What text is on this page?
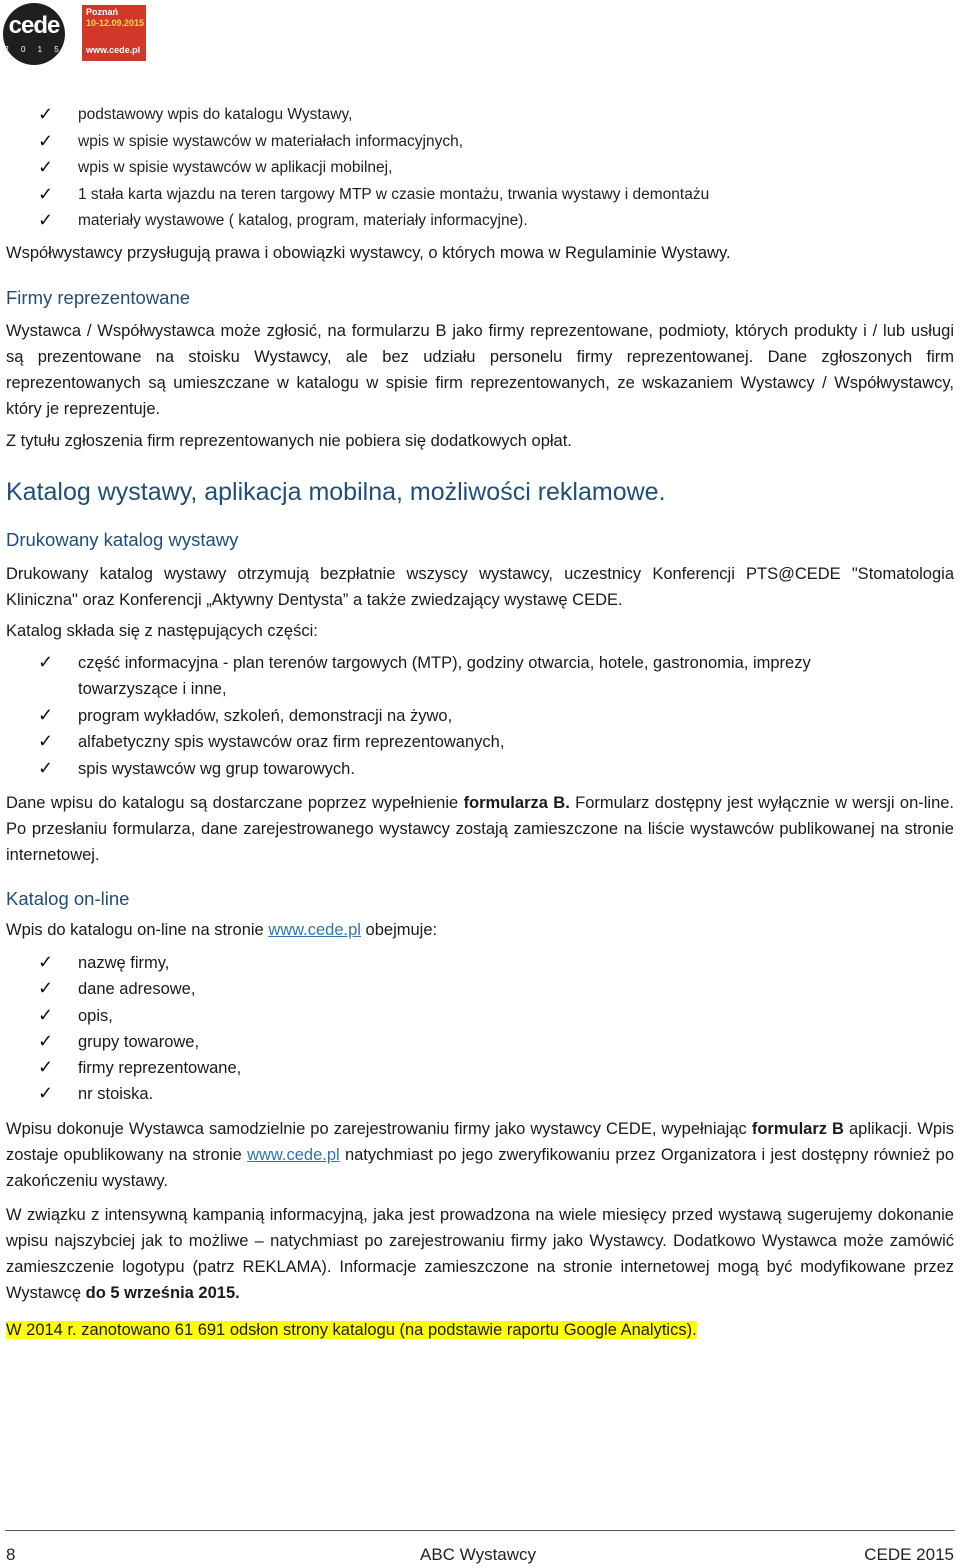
cede
2 0 1 5
Poznań
10-12.09.2015
www.cede.pl
✓ podstawowy wpis do katalogu Wystawy,
✓ wpis w spisie wystawców w materiałach informacyjnych,
✓ wpis w spisie wystawców w aplikacji mobilnej,
✓ 1 stała karta wjazdu na teren targowy MTP w czasie montażu, trwania wystawy i demontażu
✓ materiały wystawowe ( katalog, program, materiały informacyjne).
Współwystawcy przysługują prawa i obowiązki wystawcy, o których mowa w Regulaminie Wystawy.
Firmy reprezentowane
Wystawca / Współwystawca może zgłosić, na formularzu B jako firmy reprezentowane, podmioty, których produkty i / lub usługi są prezentowane na stoisku Wystawcy, ale bez udziału personelu firmy reprezentowanej. Dane zgłoszonych firm reprezentowanych są umieszczane w katalogu w spisie firm reprezentowanych, ze wskazaniem Wystawcy / Współwystawcy, który je reprezentuje.
Z tytułu zgłoszenia firm reprezentowanych nie pobiera się dodatkowych opłat.
Katalog wystawy, aplikacja mobilna, możliwości reklamowe.
Drukowany katalog wystawy
Drukowany katalog wystawy otrzymują bezpłatnie wszyscy wystawcy, uczestnicy Konferencji PTS@CEDE "Stomatologia Kliniczna" oraz Konferencji „Aktywny Dentysta” a także zwiedzający wystawę CEDE.
Katalog składa się z następujących części:
✓ część informacyjna - plan terenów targowych (MTP), godziny otwarcia, hotele, gastronomia, imprezy
towarzyszące i inne,
✓ program wykładów, szkoleń, demonstracji na żywo,
✓ alfabetyczny spis wystawców oraz firm reprezentowanych,
✓ spis wystawców wg grup towarowych.
Dane wpisu do katalogu są dostarczane poprzez wypełnienie formularza B. Formularz dostępny jest wyłącznie w wersji on-line. Po przesłaniu formularza, dane zarejestrowanego wystawcy zostają zamieszczone na liście wystawców publikowanej na stronie internetowej.
Katalog on-line
Wpis do katalogu on-line na stronie www.cede.pl obejmuje:
✓ nazwę firmy,
✓ dane adresowe,
✓ opis,
✓ grupy towarowe,
✓ firmy reprezentowane,
✓ nr stoiska.
Wpisu dokonuje Wystawca samodzielnie po zarejestrowaniu firmy jako wystawcy CEDE, wypełniając formularz B aplikacji. Wpis zostaje opublikowany na stronie www.cede.pl natychmiast po jego zweryfikowaniu przez Organizatora i jest dostępny również po zakończeniu wystawy.
W związku z intensywną kampanią informacyjną, jaka jest prowadzona na wiele miesięcy przed wystawą sugerujemy dokonanie wpisu najszybciej jak to możliwe – natychmiast po zarejestrowaniu firmy jako Wystawcy. Dodatkowo Wystawca może zamówić zamieszczenie logotypu (patrz REKLAMA). Informacje zamieszczone na stronie internetowej mogą być modyfikowane przez Wystawcę do 5 września 2015.
W 2014 r. zanotowano 61 691 odsłon strony katalogu (na podstawie raportu Google Analytics).
8	ABC Wystawcy	CEDE 2015
